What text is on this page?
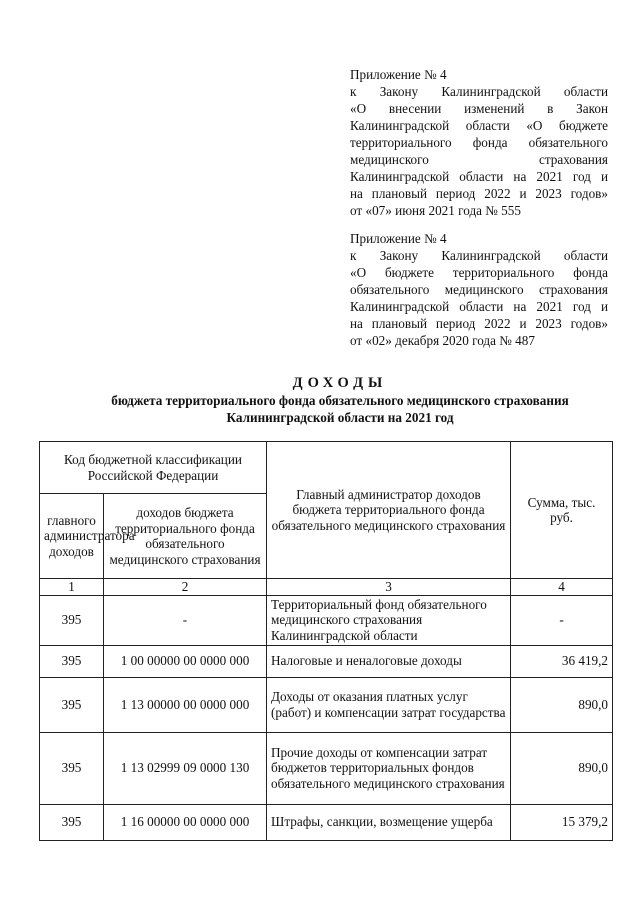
Приложение № 4
к Закону Калининградской области
«О внесении изменений в Закон
Калининградской области «О бюджете
территориального фонда обязательного
медицинского страхования
Калининградской области на 2021 год и
на плановый период 2022 и 2023 годов»
от «07» июня 2021 года № 555
Приложение № 4
к Закону Калининградской области
«О бюджете территориального фонда
обязательного медицинского страхования
Калининградской области на 2021 год и
на плановый период 2022 и 2023 годов»
от «02» декабря 2020 года № 487
ДОХОДЫ
бюджета территориального фонда обязательного медицинского страхования
Калининградской области на 2021 год
Код бюджетной классификации Российской Федерации		Главный администратор доходов бюджета территориального фонда обязательного медицинского страхования	Сумма, тыс. руб.
главного администратора доходов	доходов бюджета территориального фонда обязательного медицинского страхования		
1	2	3	4
395	-	Территориальный фонд обязательного медицинского страхования Калининградской области	-
395	1 00 00000 00 0000 000	Налоговые и неналоговые доходы	36 419,2
395	1 13 00000 00 0000 000	Доходы от оказания платных услуг (работ) и компенсации затрат государства	890,0
395	1 13 02999 09 0000 130	Прочие доходы от компенсации затрат бюджетов территориальных фондов обязательного медицинского страхования	890,0
395	1 16 00000 00 0000 000	Штрафы, санкции, возмещение ущерба	15 379,2
